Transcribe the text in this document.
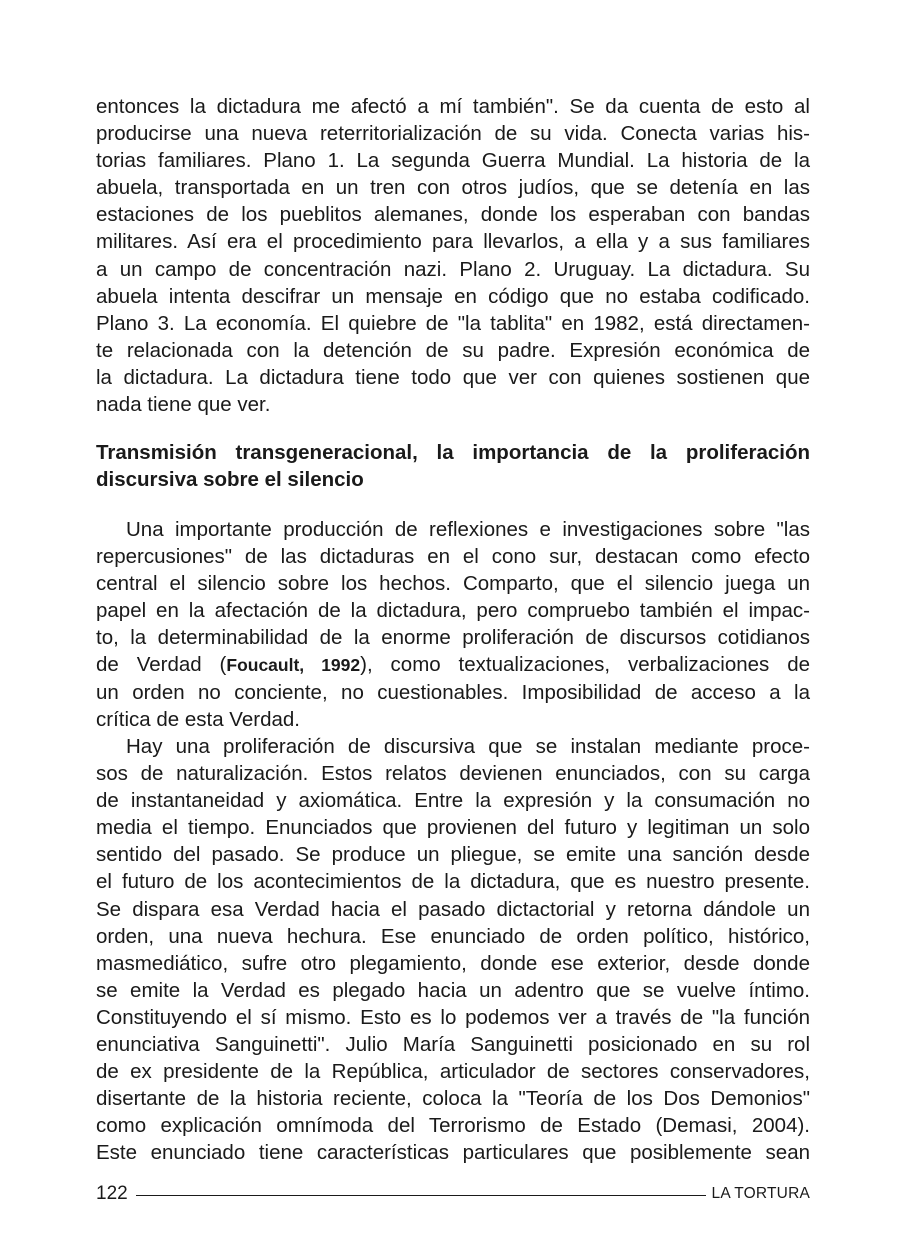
entonces la dictadura me afectó a mí también". Se da cuenta de esto al
producirse una nueva reterritorialización de su vida. Conecta varias his-
torias familiares. Plano 1. La segunda Guerra Mundial. La historia de la
abuela, transportada en un tren con otros judíos, que se detenía en las
estaciones de los pueblitos alemanes, donde los esperaban con bandas
militares. Así era el procedimiento para llevarlos, a ella y a sus familiares
a un campo de concentración nazi. Plano 2. Uruguay. La dictadura. Su
abuela intenta descifrar un mensaje en código que no estaba codificado.
Plano 3. La economía. El quiebre de "la tablita" en 1982, está directamen-
te relacionada con la detención de su padre. Expresión económica de
la dictadura. La dictadura tiene todo que ver con quienes sostienen que
nada tiene que ver.
Transmisión transgeneracional, la importancia de la proliferación
discursiva sobre el silencio
Una importante producción de reflexiones e investigaciones sobre "las
repercusiones" de las dictaduras en el cono sur, destacan como efecto
central el silencio sobre los hechos. Comparto, que el silencio juega un
papel en la afectación de la dictadura, pero compruebo también el impac-
to, la determinabilidad de la enorme proliferación de discursos cotidianos
de Verdad (Foucault, 1992), como textualizaciones, verbalizaciones de
un orden no conciente, no cuestionables. Imposibilidad de acceso a la
crítica de esta Verdad.
Hay una proliferación de discursiva que se instalan mediante proce-
sos de naturalización. Estos relatos devienen enunciados, con su carga
de instantaneidad y axiomática. Entre la expresión y la consumación no
media el tiempo. Enunciados que provienen del futuro y legitiman un solo
sentido del pasado. Se produce un pliegue, se emite una sanción desde
el futuro de los acontecimientos de la dictadura, que es nuestro presente.
Se dispara esa Verdad hacia el pasado dictactorial y retorna dándole un
orden, una nueva hechura. Ese enunciado de orden político, histórico,
masmediático, sufre otro plegamiento, donde ese exterior, desde donde
se emite la Verdad es plegado hacia un adentro que se vuelve íntimo.
Constituyendo el sí mismo. Esto es lo podemos ver a través de "la función
enunciativa Sanguinetti". Julio María Sanguinetti posicionado en su rol
de ex presidente de la República, articulador de sectores conservadores,
disertante de la historia reciente, coloca la "Teoría de los Dos Demonios"
como explicación omnímoda del Terrorismo de Estado (Demasi, 2004).
Este enunciado tiene características particulares que posiblemente sean
122	LA TORTURA
